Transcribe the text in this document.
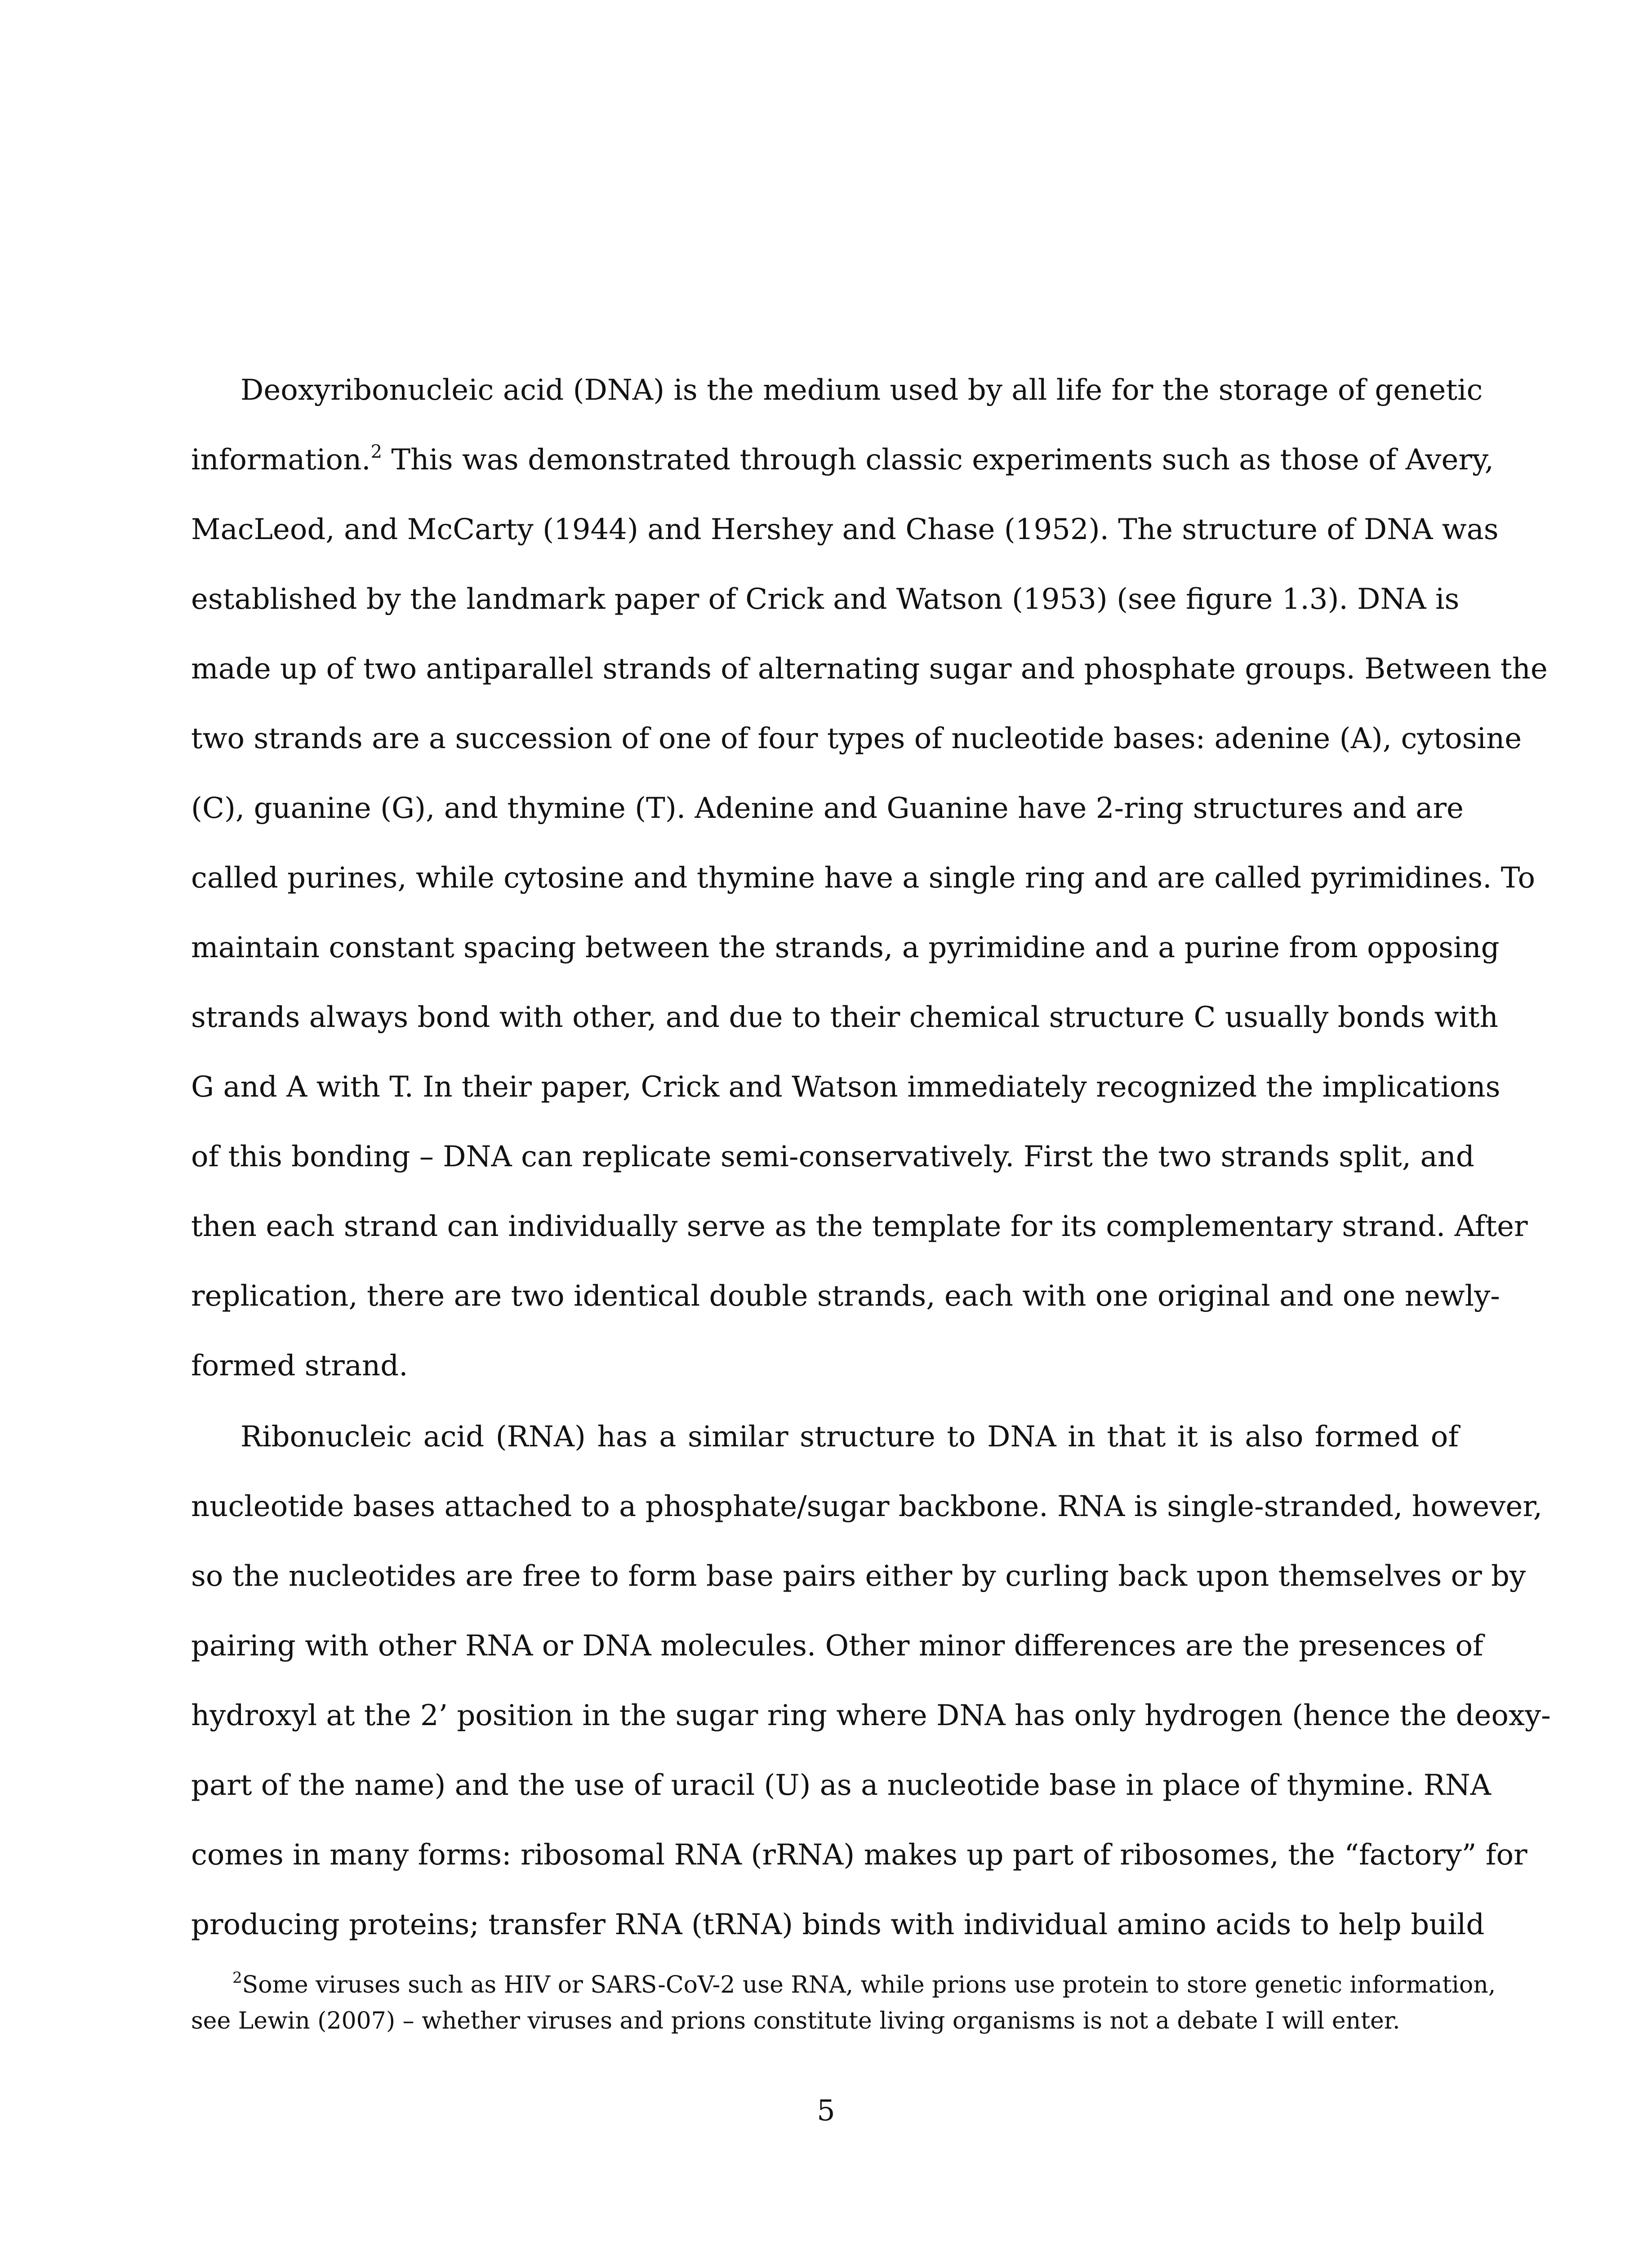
Deoxyribonucleic acid (DNA) is the medium used by all life for the storage of genetic
information.$^2$ This was demonstrated through classic experiments such as those of Avery,
MacLeod, and McCarty (1944) and Hershey and Chase (1952). The structure of DNA was
established by the landmark paper of Crick and Watson (1953) (see figure 1.3). DNA is
made up of two antiparallel strands of alternating sugar and phosphate groups. Between the
two strands are a succession of one of four types of nucleotide bases: adenine (A), cytosine
(C), guanine (G), and thymine (T). Adenine and Guanine have 2-ring structures and are
called purines, while cytosine and thymine have a single ring and are called pyrimidines. To
maintain constant spacing between the strands, a pyrimidine and a purine from opposing
strands always bond with other, and due to their chemical structure C usually bonds with
G and A with T. In their paper, Crick and Watson immediately recognized the implications
of this bonding – DNA can replicate semi-conservatively. First the two strands split, and
then each strand can individually serve as the template for its complementary strand. After
replication, there are two identical double strands, each with one original and one newly-
formed strand.
Ribonucleic acid (RNA) has a similar structure to DNA in that it is also formed of
nucleotide bases attached to a phosphate/sugar backbone. RNA is single-stranded, however,
so the nucleotides are free to form base pairs either by curling back upon themselves or by
pairing with other RNA or DNA molecules. Other minor differences are the presences of
hydroxyl at the 2’ position in the sugar ring where DNA has only hydrogen (hence the deoxy-
part of the name) and the use of uracil (U) as a nucleotide base in place of thymine. RNA
comes in many forms: ribosomal RNA (rRNA) makes up part of ribosomes, the “factory” for
producing proteins; transfer RNA (tRNA) binds with individual amino acids to help build
$^2$Some viruses such as HIV or SARS-CoV-2 use RNA, while prions use protein to store genetic information,
see Lewin (2007) – whether viruses and prions constitute living organisms is not a debate I will enter.
5
